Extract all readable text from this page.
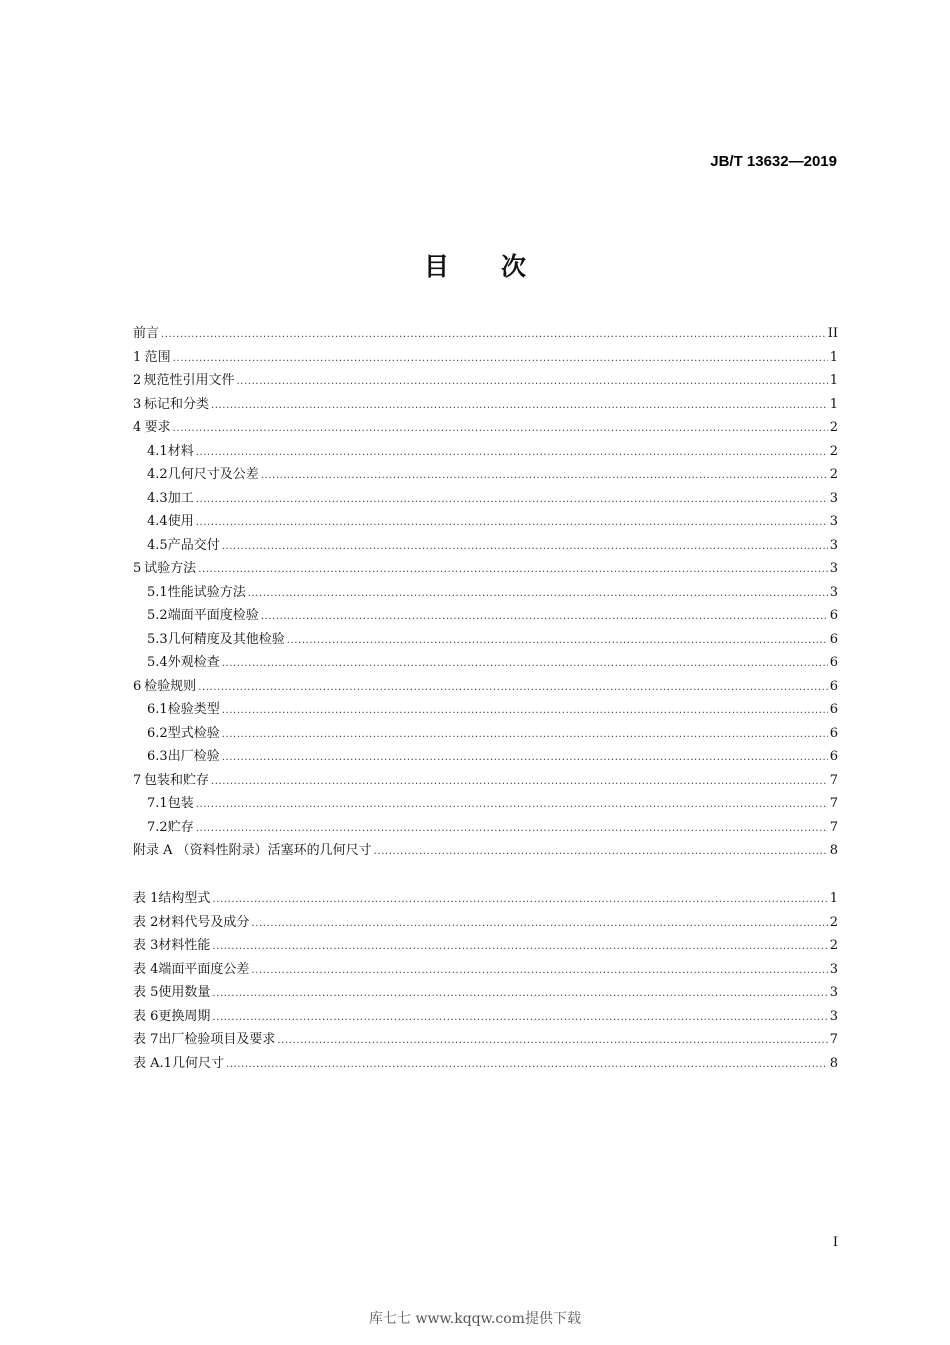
JB/T 13632—2019
目 次
前言 .....	II
1 范围 .....	1
2 规范性引用文件 .....	1
3 标记和分类 .....	1
4 要求 .....	2
4.1 材料 .....	2
4.2 几何尺寸及公差 .....	2
4.3 加工 .....	3
4.4 使用 .....	3
4.5 产品交付 .....	3
5 试验方法 .....	3
5.1 性能试验方法 .....	3
5.2 端面平面度检验 .....	6
5.3 几何精度及其他检验 .....	6
5.4 外观检查 .....	6
6 检验规则 .....	6
6.1 检验类型 .....	6
6.2 型式检验 .....	6
6.3 出厂检验 .....	6
7 包装和贮存 .....	7
7.1 包装 .....	7
7.2 贮存 .....	7
附录 A （资料性附录） 活塞环的几何尺寸 .....	8
表 1 结构型式 .....	1
表 2 材料代号及成分 .....	2
表 3 材料性能 .....	2
表 4 端面平面度公差 .....	3
表 5 使用数量 .....	3
表 6 更换周期 .....	3
表 7 出厂检验项目及要求 .....	7
表 A.1 几何尺寸 .....	8
I
库七七 www.kqqw.com提供下载
